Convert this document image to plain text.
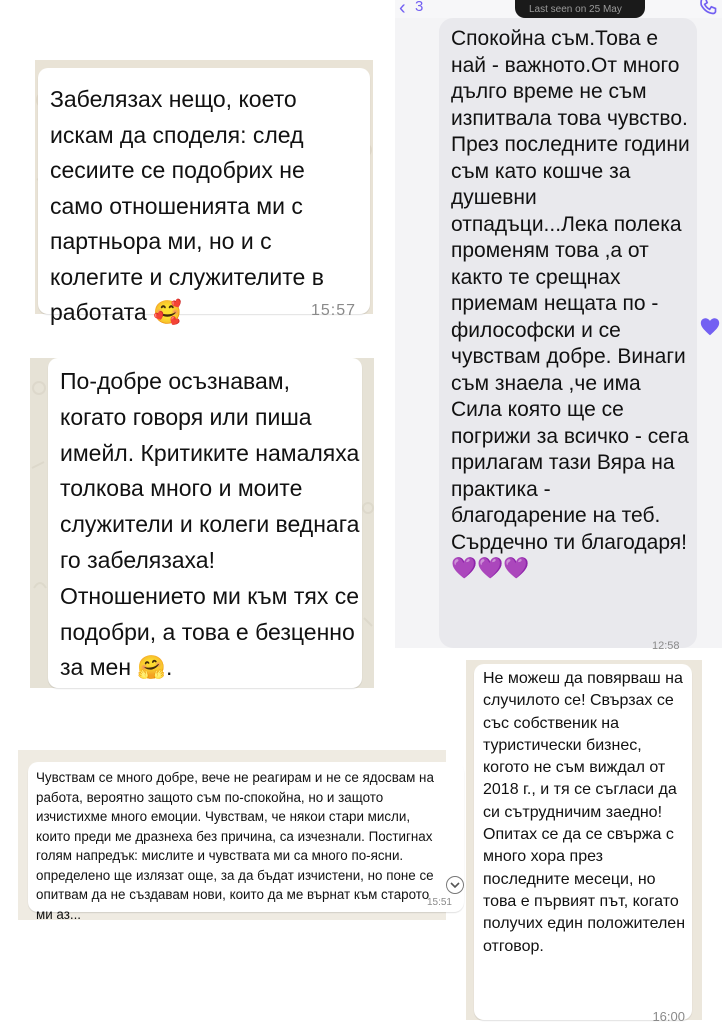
Забелязах нещо, което искам да споделя: след сесиите се подобрих не само отношенията ми с партньора ми, но и с колегите и служителите в работата 🥰	15:57

По-добре осъзнавам, когато говоря или пиша имейл. Критиките намаляха толкова много и моите служители и колеги веднага го забелязаха! Отношението ми към тях се подобри, а това е безценно за мен 🤗.

‹ 3	Last seen on 25 May

Спокойна съм.Това е най - важното.От много дълго време не съм изпитвала това чувство. През последните години съм като кошче за душевни отпадъци...Лека полека променям това ,а от както те срещнах приемам нещата по - философски и се чувствам добре. Винаги съм знаела ,че има Сила която ще се погрижи за всичко - сега прилагам тази Вяра на практика - благодарение на теб. Сърдечно ти благодаря!💜💜💜

12:58

Чувствам се много добре, вече не реагирам и не се ядосвам на работа, вероятно защото съм по-спокойна, но и защото изчистихме много емоции. Чувствам, че някои стари мисли, които преди ме дразнеха без причина, са изчезнали. Постигнах голям напредък: мислите и чувствата ми са много по-ясни. определено ще излязат още, за да бъдат изчистени, но поне се опитвам да не създавам нови, които да ме върнат към старото ми аз...

15:51

Не можеш да повярваш на случилото се! Свързах се със собственик на туристически бизнес, когото не съм виждал от 2018 г., и тя се съгласи да си сътрудничим заедно! Опитах се да се свържа с много хора през последните месеци, но това е първият път, когато получих един положителен отговор.

16:00
